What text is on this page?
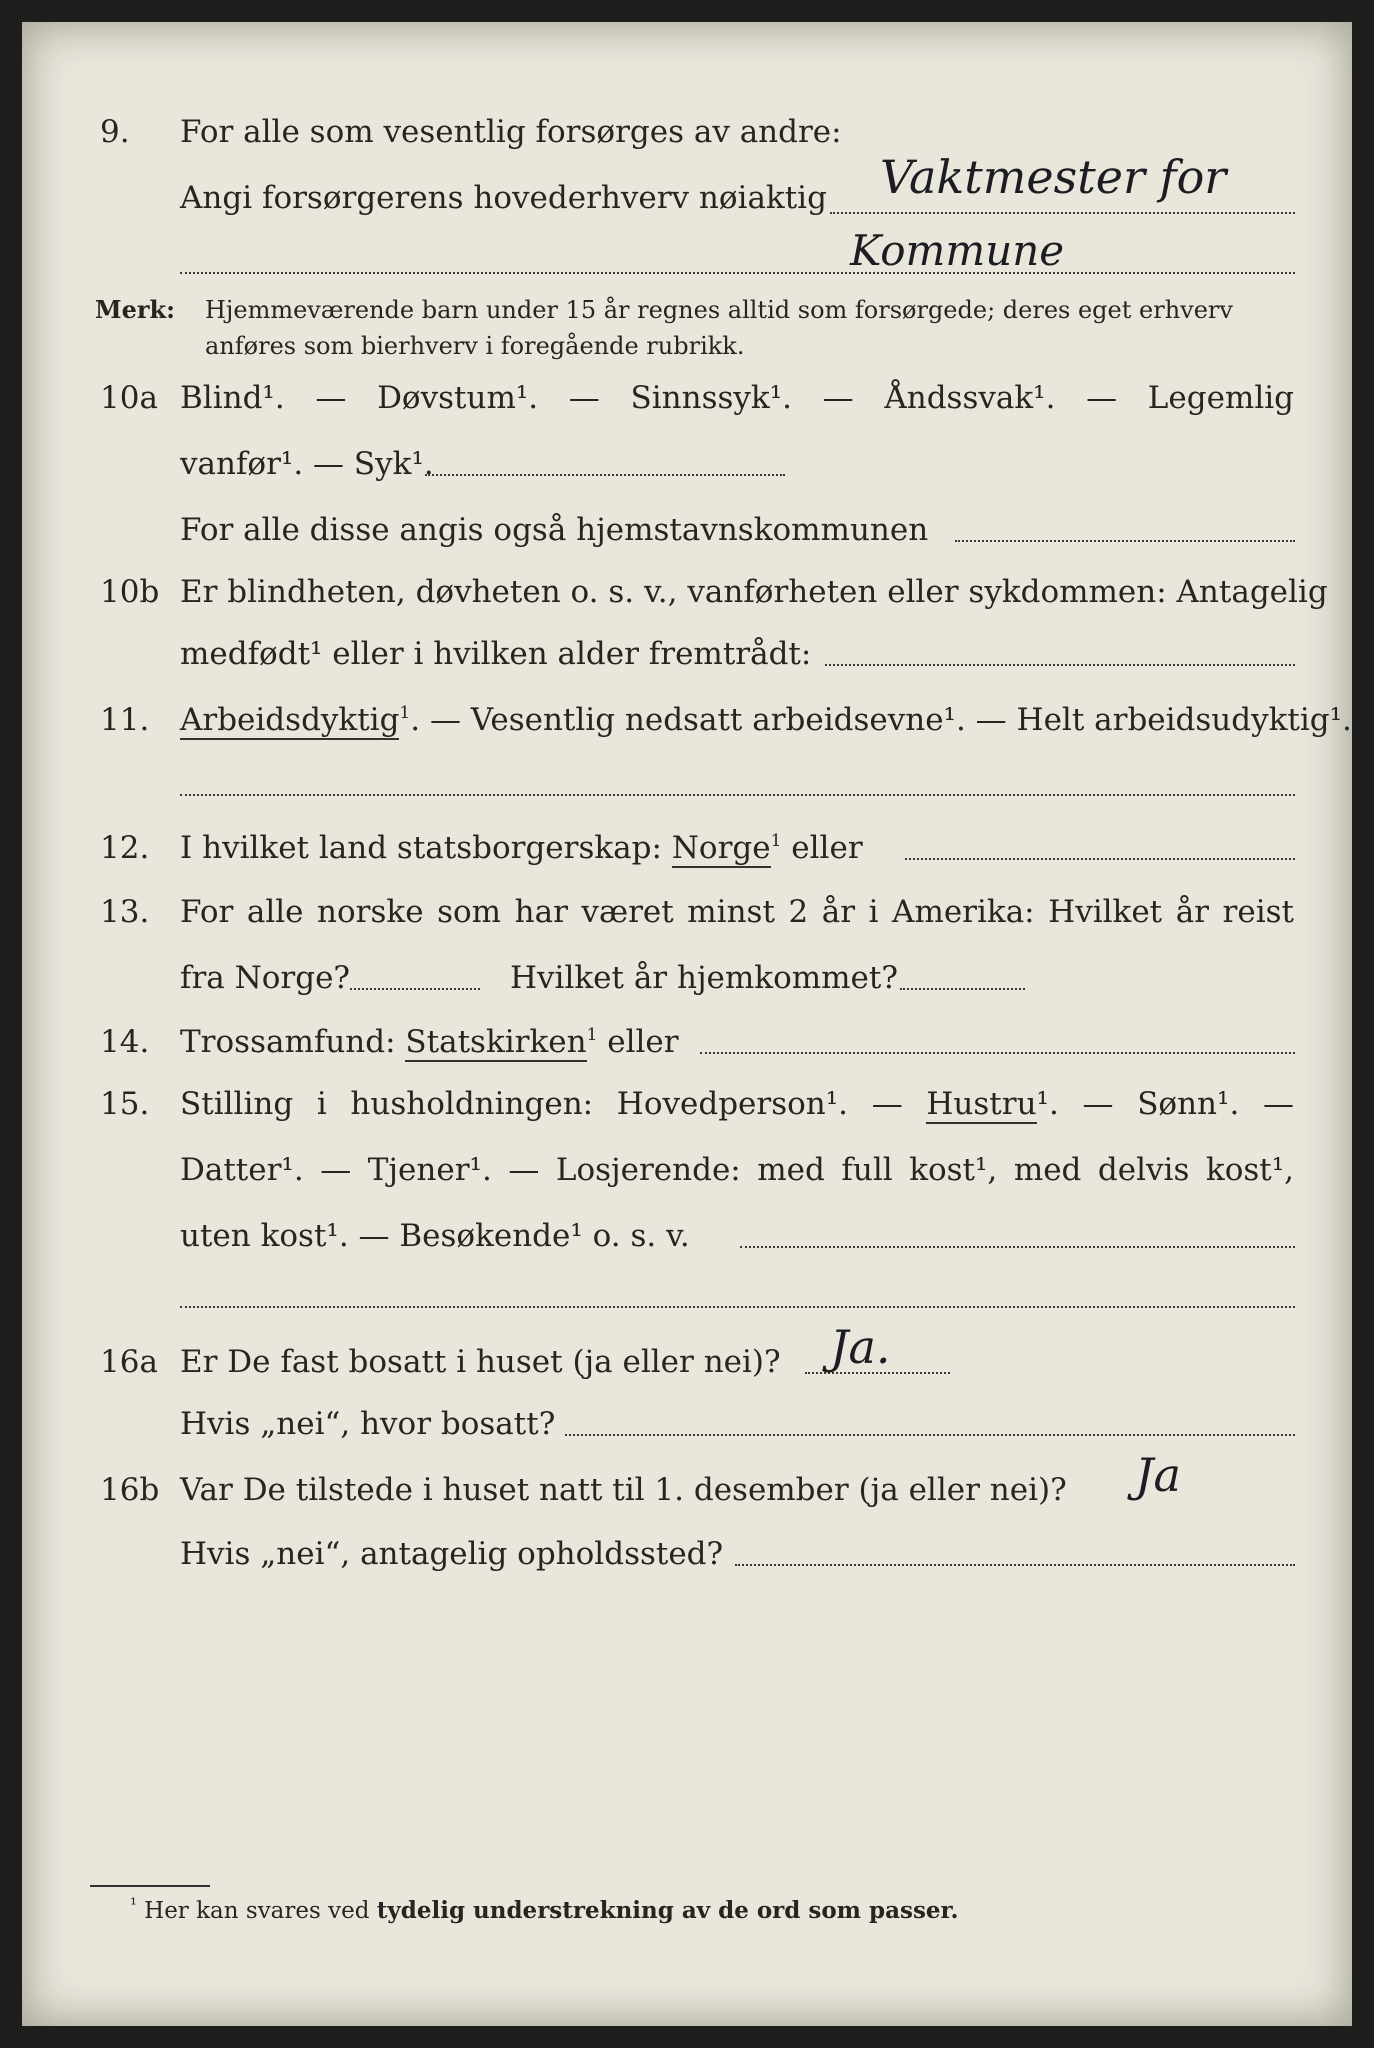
9. For alle som vesentlig forsørges av andre:
Angi forsørgerens hovederhverv nøiaktig	Vaktmester for
Kommune
Merk: Hjemmeværende barn under 15 år regnes alltid som forsørgede; deres eget erhverv
anføres som bierhverv i foregående rubrikk.
10a Blind¹. — Døvstum¹. — Sinnssyk¹. — Åndssvak¹. — Legemlig
vanfør¹. — Syk¹.
For alle disse angis også hjemstavnskommunen
10b Er blindheten, døvheten o. s. v., vanførheten eller sykdommen: Antagelig
medfødt¹ eller i hvilken alder fremtrådt:
11. Arbeidsdyktig$^1$. — Vesentlig nedsatt arbeidsevne¹. — Helt arbeidsudyktig¹.
12. I hvilket land statsborgerskap: Norge$^1$ eller
13. For alle norske som har været minst 2 år i Amerika: Hvilket år reist
fra Norge?	Hvilket år hjemkommet?
14. Trossamfund: Statskirken$^1$ eller
15. Stilling i husholdningen: Hovedperson¹. — Hustru¹. — Sønn¹. —
Datter¹. — Tjener¹. — Losjerende: med full kost¹, med delvis kost¹,
uten kost¹. — Besøkende¹ o. s. v.
16a Er De fast bosatt i huset (ja eller nei)?	Ja.
Hvis „nei“, hvor bosatt?
16b Var De tilstede i huset natt til 1. desember (ja eller nei)?	Ja
Hvis „nei“, antagelig opholdssted?
$^{^1}$ Her kan svares ved tydelig understrekning av de ord som passer.
